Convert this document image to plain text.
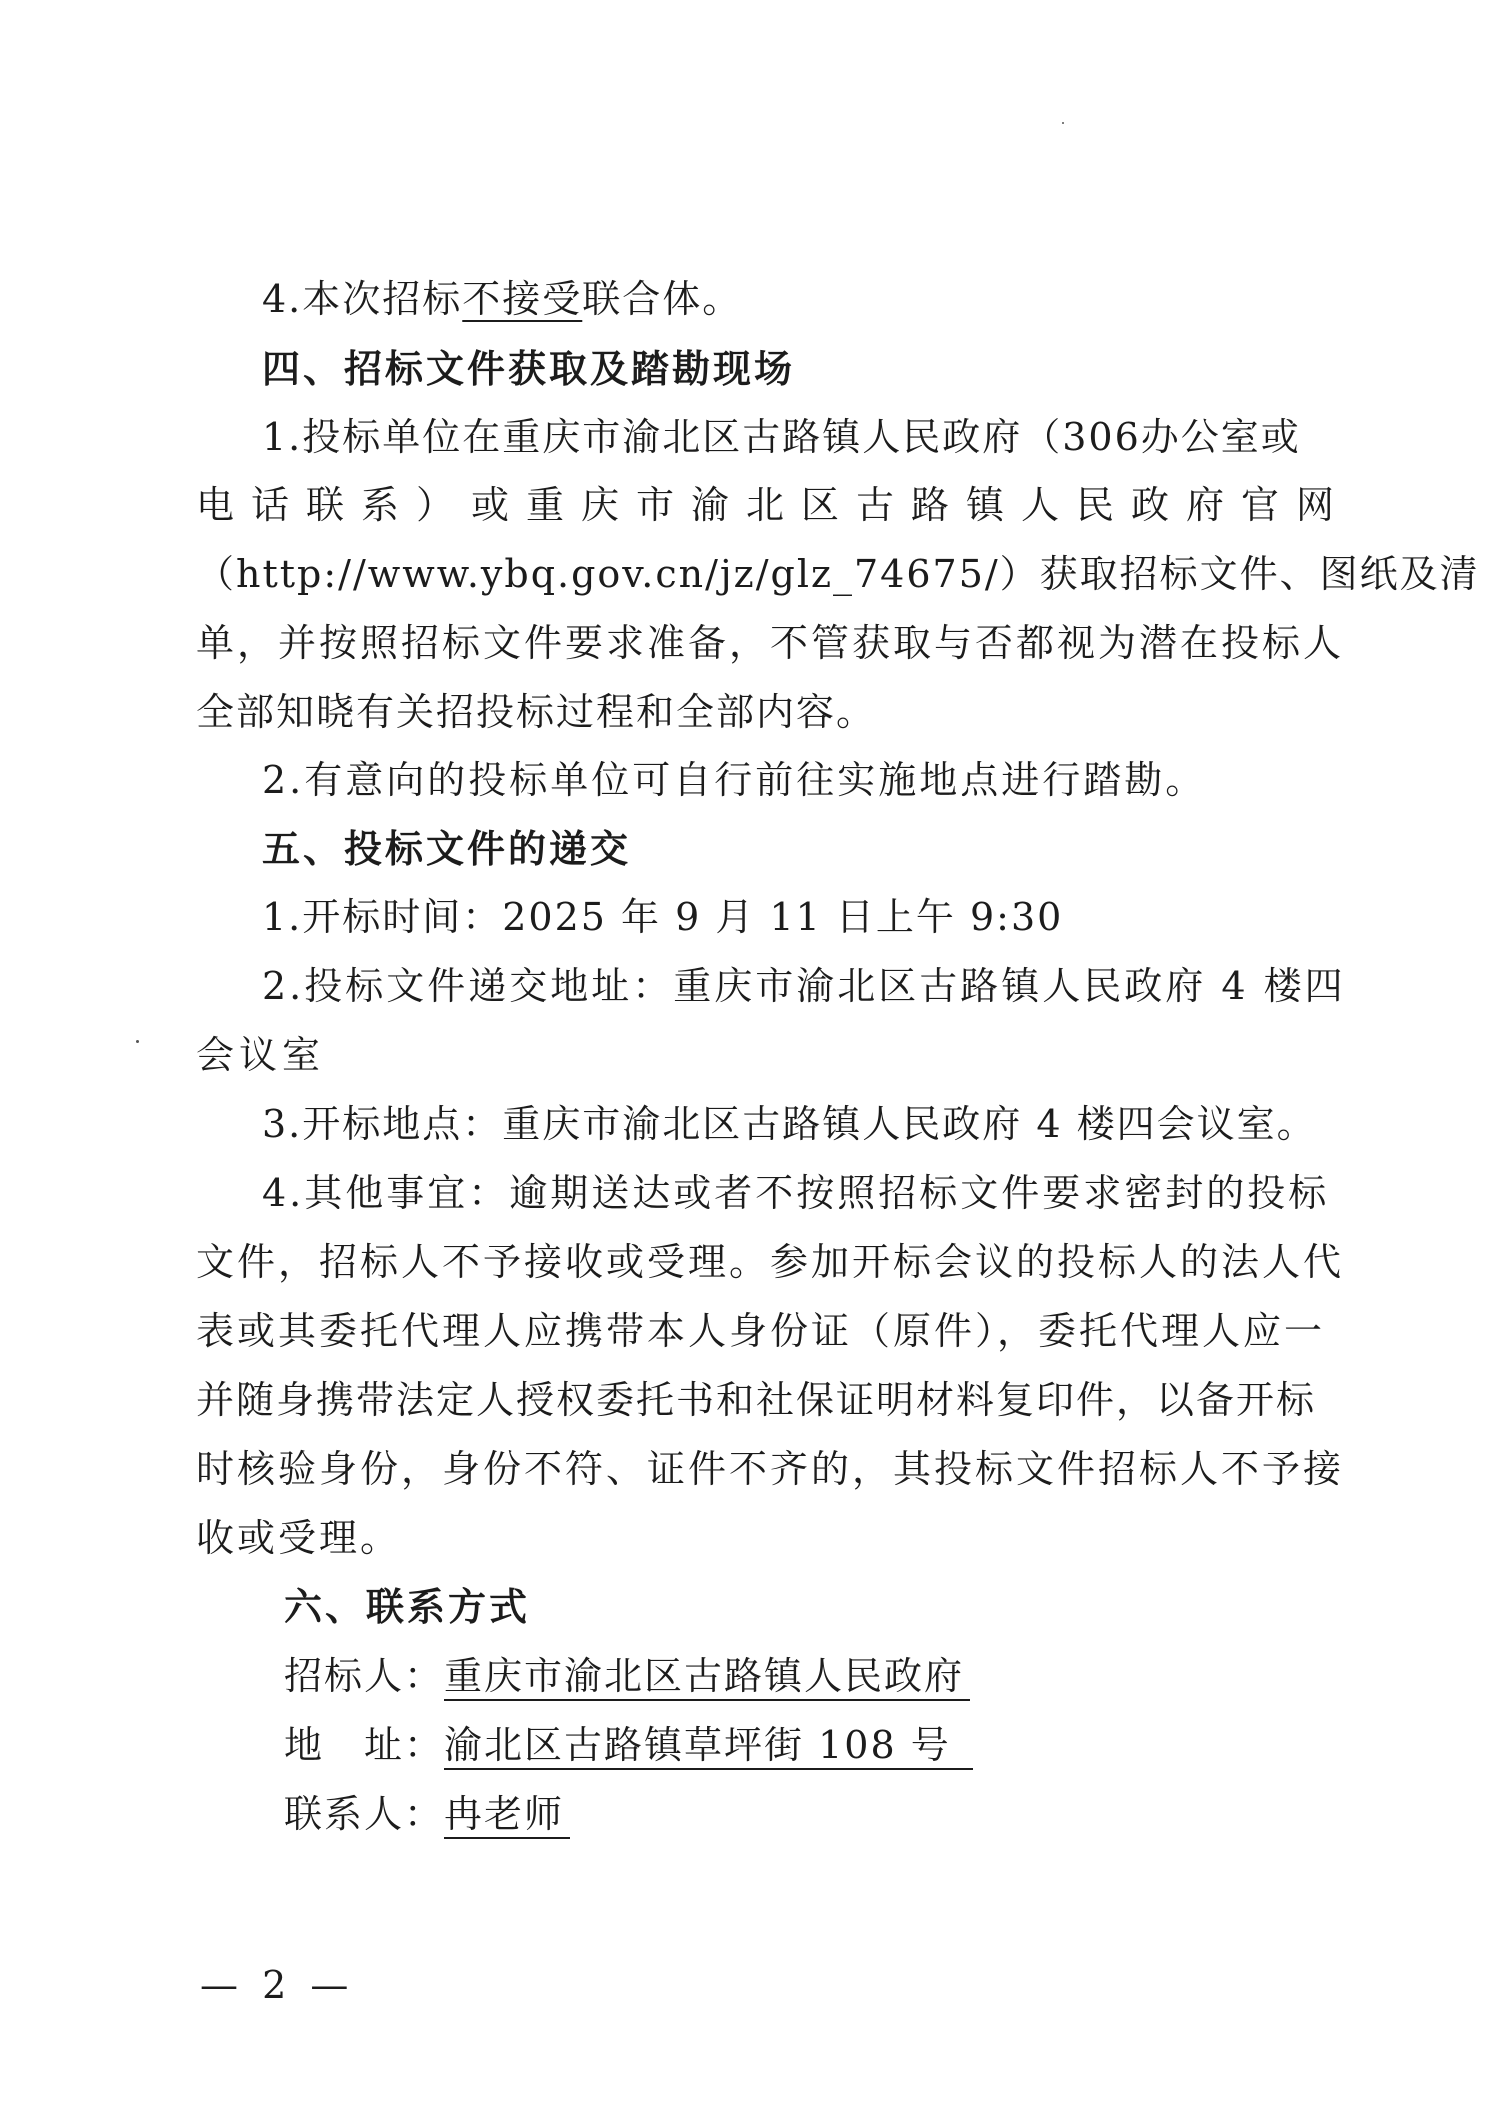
4.本次招标不接受联合体。
四、招标文件获取及踏勘现场
1.投标单位在重庆市渝北区古路镇人民政府（306办公室或
电话联系）或重庆市渝北区古路镇人民政府官网
（http://www.ybq.gov.cn/jz/glz_74675/）获取招标文件、图纸及清
单，并按照招标文件要求准备，不管获取与否都视为潜在投标人
全部知晓有关招投标过程和全部内容。
2.有意向的投标单位可自行前往实施地点进行踏勘。
五、投标文件的递交
1.开标时间：2025 年 9 月 11 日上午 9:30
2.投标文件递交地址：重庆市渝北区古路镇人民政府 4 楼四
会议室
3.开标地点：重庆市渝北区古路镇人民政府 4 楼四会议室。
4.其他事宜：逾期送达或者不按照招标文件要求密封的投标
文件，招标人不予接收或受理。参加开标会议的投标人的法人代
表或其委托代理人应携带本人身份证（原件），委托代理人应一
并随身携带法定人授权委托书和社保证明材料复印件，以备开标
时核验身份，身份不符、证件不齐的，其投标文件招标人不予接
收或受理。
六、联系方式
招标人：重庆市渝北区古路镇人民政府
地　址：渝北区古路镇草坪街 108 号
联系人：冉老师
— 2 —
